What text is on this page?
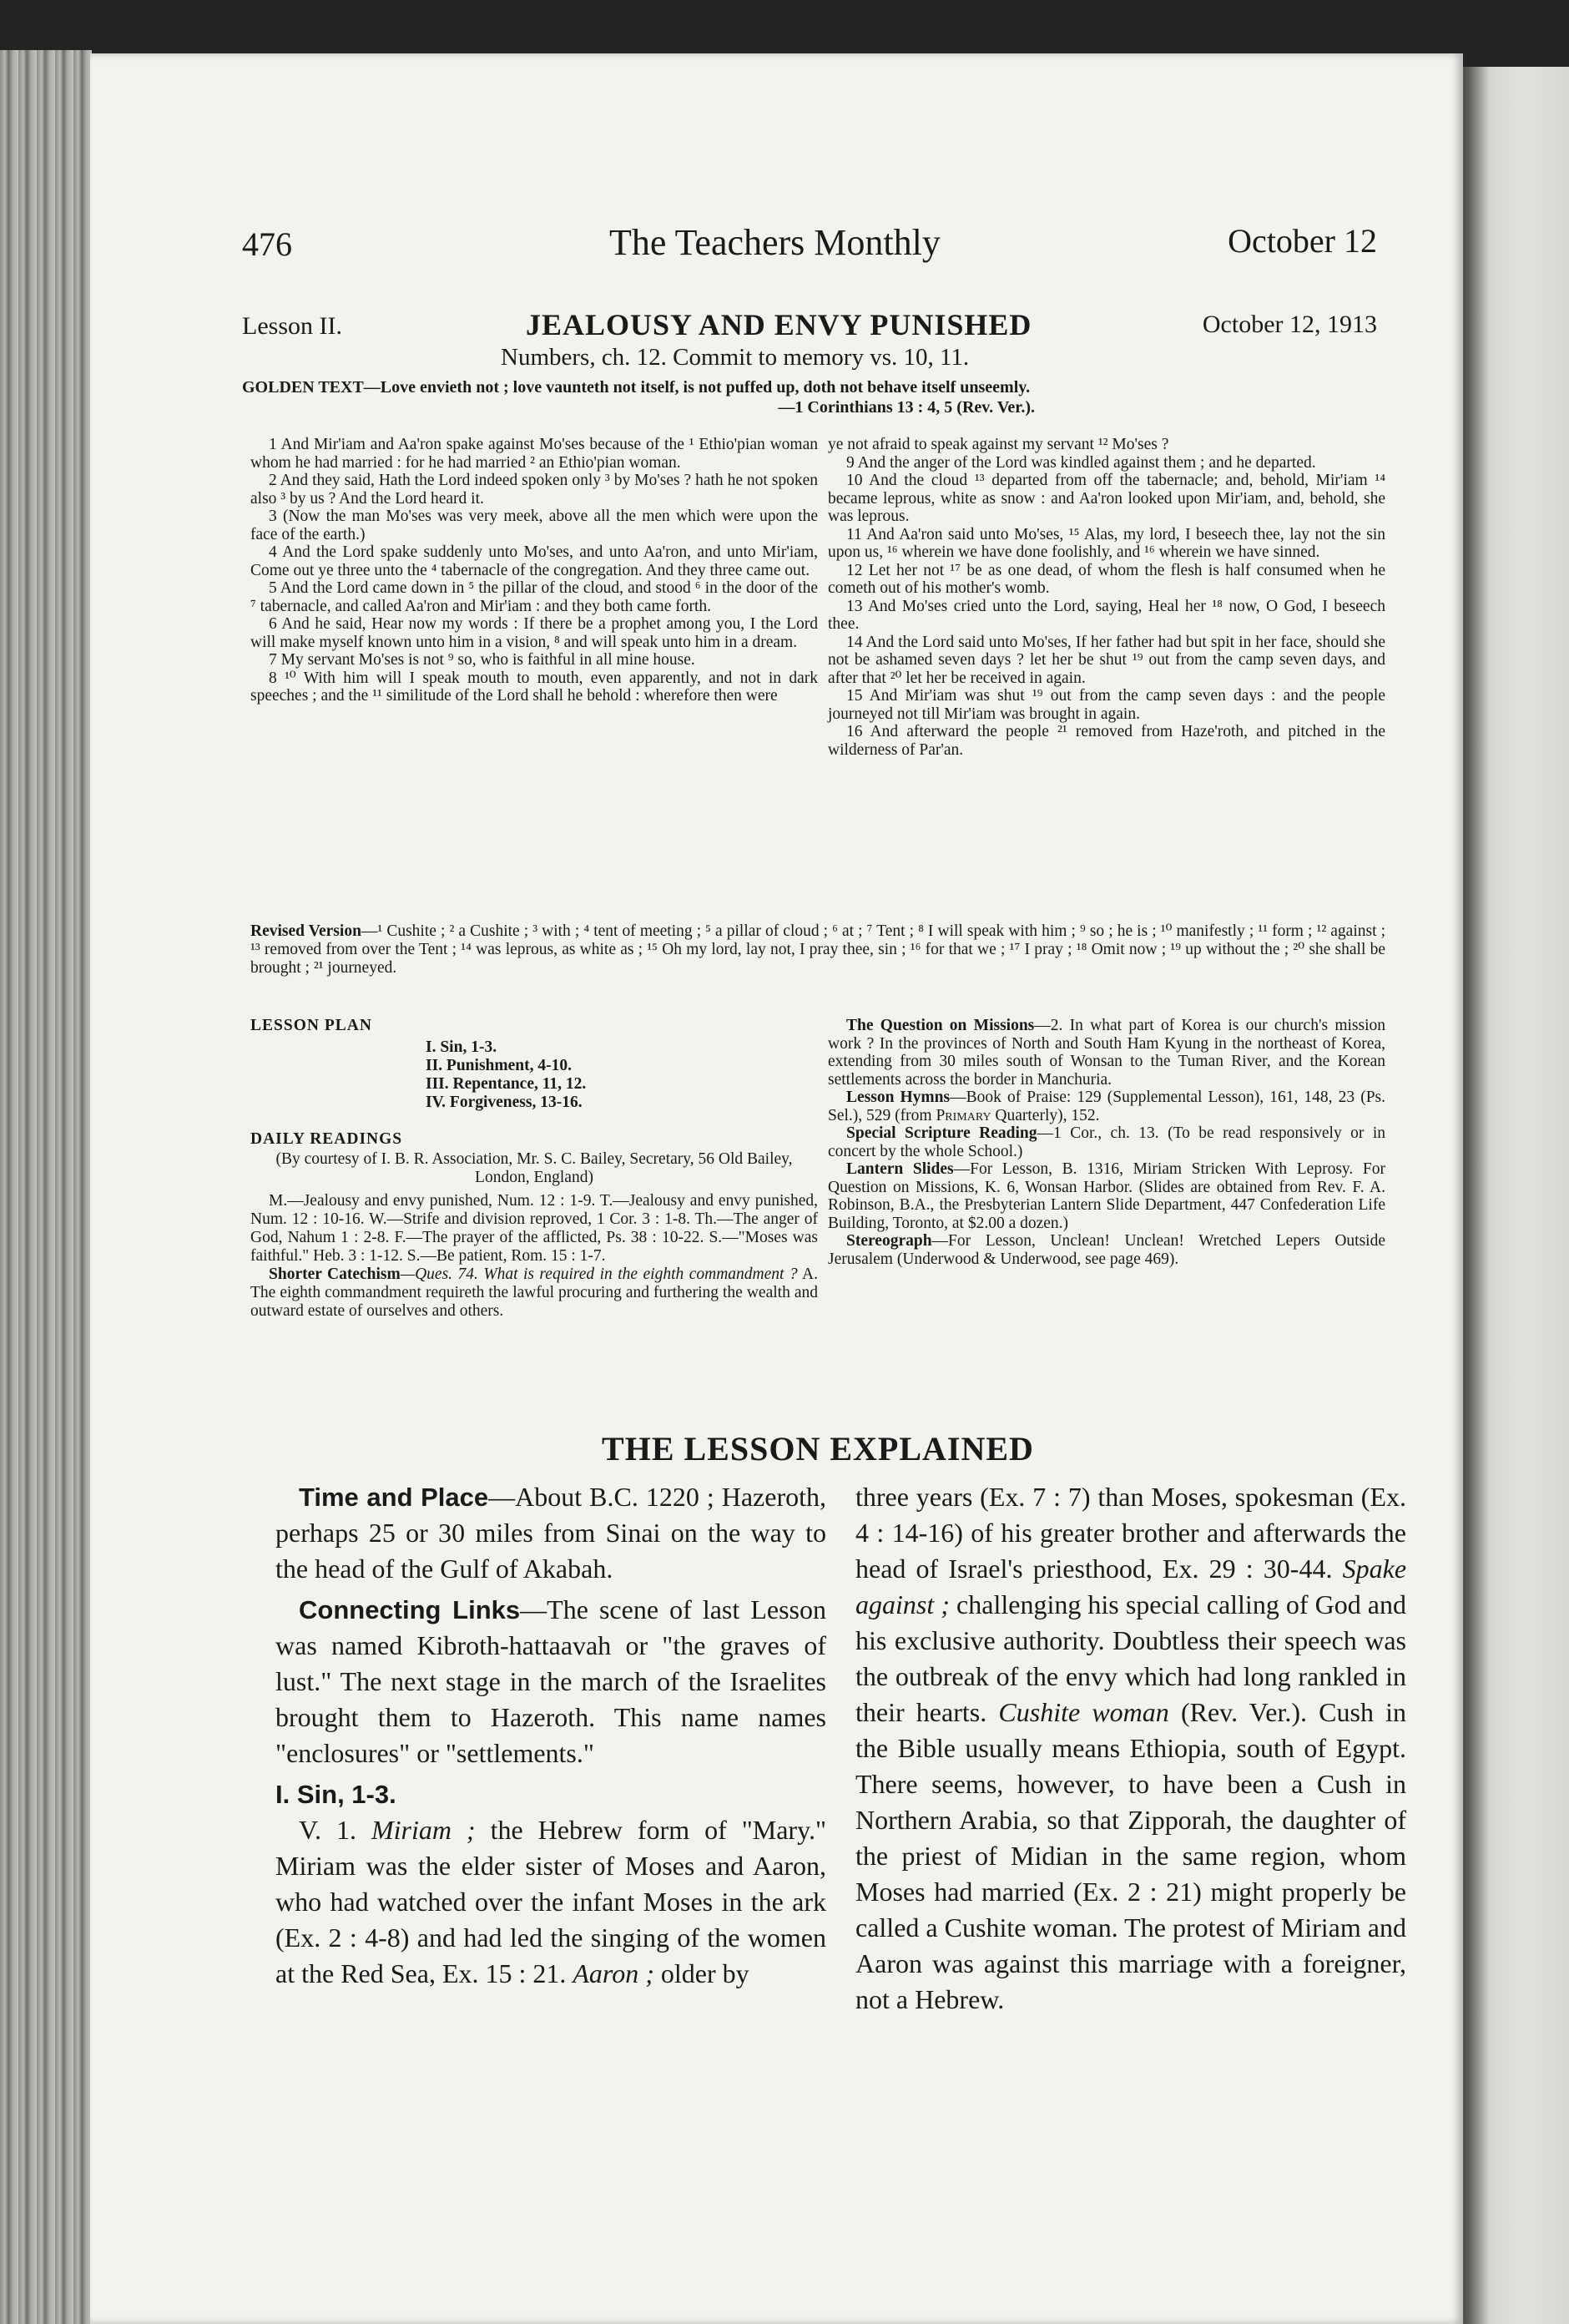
476	The Teachers Monthly	October 12
Lesson II.	JEALOUSY AND ENVY PUNISHED	October 12, 1913
Numbers, ch. 12. Commit to memory vs. 10, 11.
GOLDEN TEXT—Love envieth not ; love vaunteth not itself, is not puffed up, doth not behave itself unseemly.
—1 Corinthians 13 : 4, 5 (Rev. Ver.).

1 And Mir'iam and Aa'ron spake against Mo'ses because of the ¹ Ethio'pian woman whom he had married : for he had married ² an Ethio'pian woman.

2 And they said, Hath the Lord indeed spoken only ³ by Mo'ses ? hath he not spoken also ³ by us ? And the Lord heard it.

3 (Now the man Mo'ses was very meek, above all the men which were upon the face of the earth.)

4 And the Lord spake suddenly unto Mo'ses, and unto Aa'ron, and unto Mir'iam, Come out ye three unto the ⁴ tabernacle of the congregation. And they three came out.

5 And the Lord came down in ⁵ the pillar of the cloud, and stood ⁶ in the door of the ⁷ tabernacle, and called Aa'ron and Mir'iam : and they both came forth.

6 And he said, Hear now my words : If there be a prophet among you, I the Lord will make myself known unto him in a vision, ⁸ and will speak unto him in a dream.

7 My servant Mo'ses is not ⁹ so, who is faithful in all mine house.

8 ¹⁰ With him will I speak mouth to mouth, even apparently, and not in dark speeches ; and the ¹¹ similitude of the Lord shall he behold : wherefore then were

ye not afraid to speak against my servant ¹² Mo'ses ?

9 And the anger of the Lord was kindled against them ; and he departed.

10 And the cloud ¹³ departed from off the tabernacle; and, behold, Mir'iam ¹⁴ became leprous, white as snow : and Aa'ron looked upon Mir'iam, and, behold, she was leprous.

11 And Aa'ron said unto Mo'ses, ¹⁵ Alas, my lord, I beseech thee, lay not the sin upon us, ¹⁶ wherein we have done foolishly, and ¹⁶ wherein we have sinned.

12 Let her not ¹⁷ be as one dead, of whom the flesh is half consumed when he cometh out of his mother's womb.

13 And Mo'ses cried unto the Lord, saying, Heal her ¹⁸ now, O God, I beseech thee.

14 And the Lord said unto Mo'ses, If her father had but spit in her face, should she not be ashamed seven days ? let her be shut ¹⁹ out from the camp seven days, and after that ²⁰ let her be received in again.

15 And Mir'iam was shut ¹⁹ out from the camp seven days : and the people journeyed not till Mir'iam was brought in again.

16 And afterward the people ²¹ removed from Haze'roth, and pitched in the wilderness of Par'an.

Revised Version—¹ Cushite ; ² a Cushite ; ³ with ; ⁴ tent of meeting ; ⁵ a pillar of cloud ; ⁶ at ; ⁷ Tent ; ⁸ I will speak with him ; ⁹ so ; he is ; ¹⁰ manifestly ; ¹¹ form ; ¹² against ; ¹³ removed from over the Tent ; ¹⁴ was leprous, as white as ; ¹⁵ Oh my lord, lay not, I pray thee, sin ; ¹⁶ for that we ; ¹⁷ I pray ; ¹⁸ Omit now ; ¹⁹ up without the ; ²⁰ she shall be brought ; ²¹ journeyed.

LESSON PLAN

I. Sin, 1-3.
II. Punishment, 4-10.
III. Repentance, 11, 12.
IV. Forgiveness, 13-16.

DAILY READINGS

(By courtesy of I. B. R. Association, Mr. S. C. Bailey, Secretary, 56 Old Bailey, London, England)

M.—Jealousy and envy punished, Num. 12 : 1-9. T.—Jealousy and envy punished, Num. 12 : 10-16. W.—Strife and division reproved, 1 Cor. 3 : 1-8. Th.—The anger of God, Nahum 1 : 2-8. F.—The prayer of the afflicted, Ps. 38 : 10-22. S.—"Moses was faithful." Heb. 3 : 1-12. S.—Be patient, Rom. 15 : 1-7.

Shorter Catechism—Ques. 74. What is required in the eighth commandment ? A. The eighth commandment requireth the lawful procuring and furthering the wealth and outward estate of ourselves and others.

The Question on Missions—2. In what part of Korea is our church's mission work ? In the provinces of North and South Ham Kyung in the northeast of Korea, extending from 30 miles south of Wonsan to the Tuman River, and the Korean settlements across the border in Manchuria.

Lesson Hymns—Book of Praise: 129 (Supplemental Lesson), 161, 148, 23 (Ps. Sel.), 529 (from Primary Quarterly), 152.

Special Scripture Reading—1 Cor., ch. 13. (To be read responsively or in concert by the whole School.)

Lantern Slides—For Lesson, B. 1316, Miriam Stricken With Leprosy. For Question on Missions, K. 6, Wonsan Harbor. (Slides are obtained from Rev. F. A. Robinson, B.A., the Presbyterian Lantern Slide Department, 447 Confederation Life Building, Toronto, at $2.00 a dozen.)

Stereograph—For Lesson, Unclean! Unclean! Wretched Lepers Outside Jerusalem (Underwood & Underwood, see page 469).

THE LESSON EXPLAINED

Time and Place—About B.C. 1220 ; Hazeroth, perhaps 25 or 30 miles from Sinai on the way to the head of the Gulf of Akabah.

Connecting Links—The scene of last Lesson was named Kibroth-hattaavah or "the graves of lust." The next stage in the march of the Israelites brought them to Hazeroth. This name names "enclosures" or "settlements."

I. Sin, 1-3.

V. 1. Miriam ; the Hebrew form of "Mary." Miriam was the elder sister of Moses and Aaron, who had watched over the infant Moses in the ark (Ex. 2 : 4-8) and had led the singing of the women at the Red Sea, Ex. 15 : 21. Aaron ; older by

three years (Ex. 7 : 7) than Moses, spokesman (Ex. 4 : 14-16) of his greater brother and afterwards the head of Israel's priesthood, Ex. 29 : 30-44. Spake against ; challenging his special calling of God and his exclusive authority. Doubtless their speech was the outbreak of the envy which had long rankled in their hearts. Cushite woman (Rev. Ver.). Cush in the Bible usually means Ethiopia, south of Egypt. There seems, however, to have been a Cush in Northern Arabia, so that Zipporah, the daughter of the priest of Midian in the same region, whom Moses had married (Ex. 2 : 21) might properly be called a Cushite woman. The protest of Miriam and Aaron was against this marriage with a foreigner, not a Hebrew.
